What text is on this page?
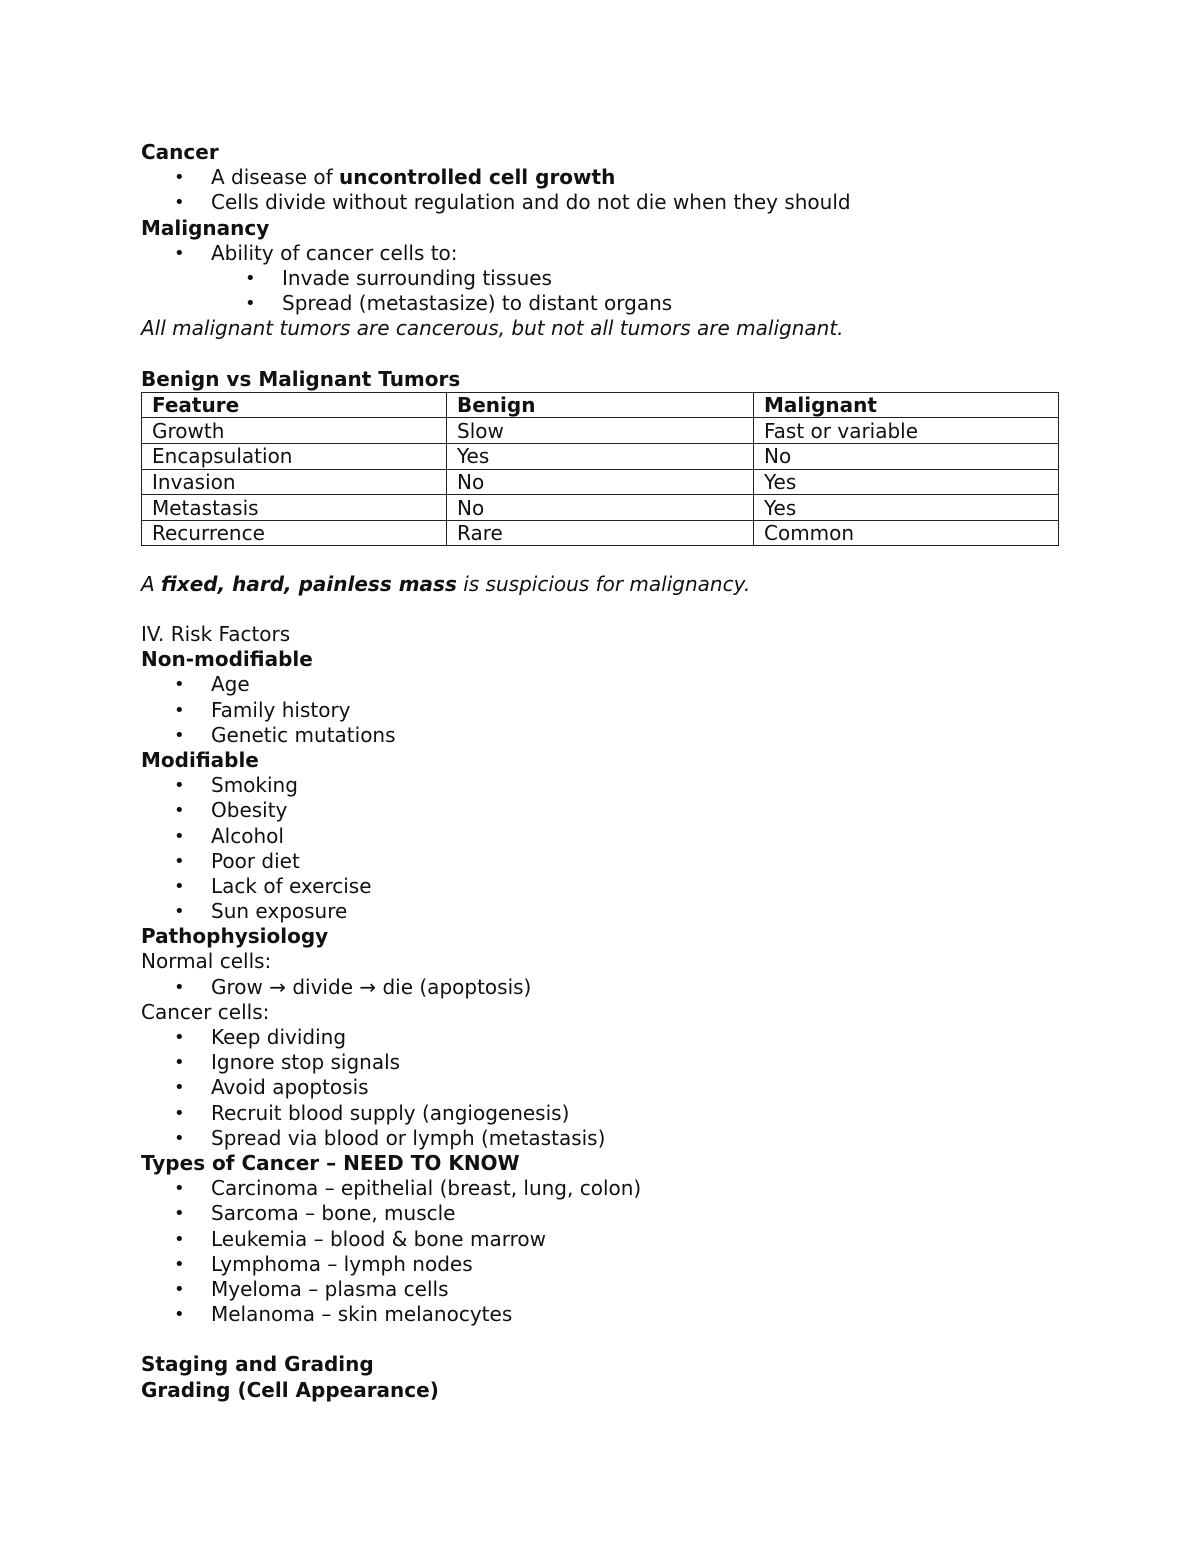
Cancer
• A disease of uncontrolled cell growth
• Cells divide without regulation and do not die when they should
Malignancy
• Ability of cancer cells to:
• Invade surrounding tissues
• Spread (metastasize) to distant organs
All malignant tumors are cancerous, but not all tumors are malignant.
Benign vs Malignant Tumors
Feature	Benign	Malignant
Growth	Slow	Fast or variable
Encapsulation	Yes	No
Invasion	No	Yes
Metastasis	No	Yes
Recurrence	Rare	Common
A fixed, hard, painless mass is suspicious for malignancy.
IV. Risk Factors
Non-modifiable
• Age
• Family history
• Genetic mutations
Modifiable
• Smoking
• Obesity
• Alcohol
• Poor diet
• Lack of exercise
• Sun exposure
Pathophysiology
Normal cells:
• Grow → divide → die (apoptosis)
Cancer cells:
• Keep dividing
• Ignore stop signals
• Avoid apoptosis
• Recruit blood supply (angiogenesis)
• Spread via blood or lymph (metastasis)
Types of Cancer – NEED TO KNOW
• Carcinoma – epithelial (breast, lung, colon)
• Sarcoma – bone, muscle
• Leukemia – blood & bone marrow
• Lymphoma – lymph nodes
• Myeloma – plasma cells
• Melanoma – skin melanocytes
Staging and Grading
Grading (Cell Appearance)
